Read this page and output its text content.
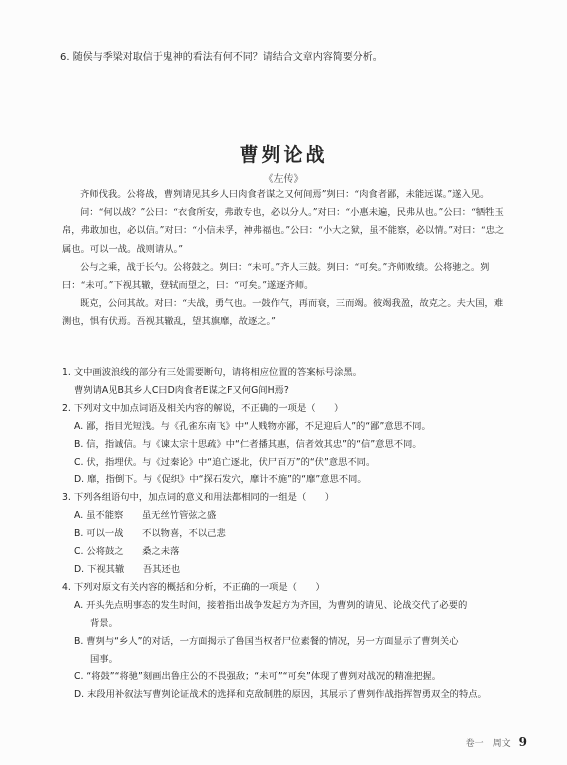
6. 随侯与季梁对取信于鬼神的看法有何不同？请结合文章内容简要分析。
曹刿论战
《左传》

齐师伐我。公将战，曹刿请见其乡人曰肉食者谋之又何间焉”刿曰：“肉食者鄙，未能远谋。”遂入见。

问：“何以战？”公曰：“衣食所安，弗敢专也，必以分人。”对曰：“小惠未遍，民弗从也。”公曰：“牺牲玉帛，弗敢加也，必以信。”对曰：“小信未孚，神弗福也。”公曰：“小大之狱，虽不能察，必以情。”对曰：“忠之属也。可以一战。战则请从。”

公与之乘，战于长勺。公将鼓之。刿曰：“未可。”齐人三鼓。刿曰：“可矣。”齐师败绩。公将驰之。刿曰：“未可。”下视其辙，登轼而望之，曰：“可矣。”遂逐齐师。

既克，公问其故。对曰：“夫战，勇气也。一鼓作气，再而衰，三而竭。彼竭我盈，故克之。夫大国，难测也，惧有伏焉。吾视其辙乱，望其旗靡，故逐之。”

1. 文中画波浪线的部分有三处需要断句，请将相应位置的答案标号涂黑。
曹刿请A见B其乡人C曰D肉食者E谋之F又何G间H焉?
2. 下列对文中加点词语及相关内容的解说，不正确的一项是（　　）
A. 鄙，指目光短浅。与《孔雀东南飞》中“人贱物亦鄙，不足迎后人”的“鄙”意思不同。
B. 信，指诚信。与《谏太宗十思疏》中“仁者播其惠，信者效其忠”的“信”意思不同。
C. 伏，指埋伏。与《过秦论》中“追亡逐北，伏尸百万”的“伏”意思不同。
D. 靡，指倒下。与《促织》中“探石发穴，靡计不施”的“靡”意思不同。
3. 下列各组语句中，加点词的意义和用法都相同的一组是（　　）
A. 虽不能察　　虽无丝竹管弦之盛
B. 可以一战　　不以物喜，不以己悲
C. 公将鼓之　　桑之未落
D. 下视其辙　　吾其还也
4. 下列对原文有关内容的概括和分析，不正确的一项是（　　）
A. 开头先点明事态的发生时间，接着指出战争发起方为齐国，为曹刿的请见、论战交代了必要的
背景。
B. 曹刿与“乡人”的对话，一方面揭示了鲁国当权者尸位素餐的情况，另一方面显示了曹刿关心
国事。
C. “将鼓”“将驰”刻画出鲁庄公的不畏强敌；“未可”“可矣”体现了曹刿对战况的精准把握。
D. 末段用补叙法写曹刿论证战术的选择和克敌制胜的原因，其展示了曹刿作战指挥智勇双全的特点。
卷一　周文 9
